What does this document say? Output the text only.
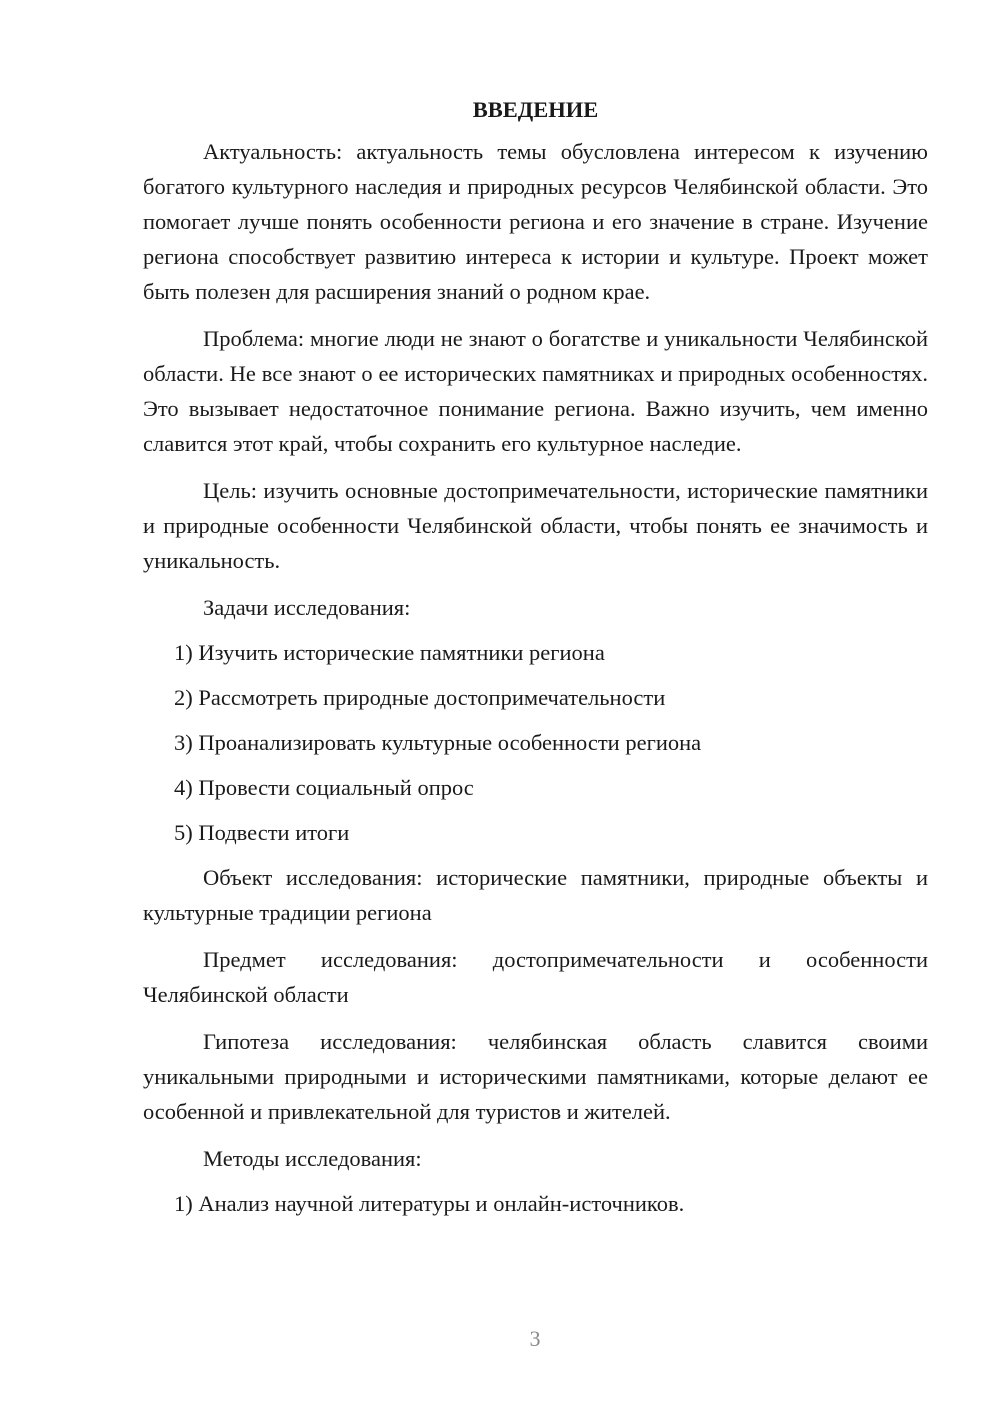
ВВЕДЕНИЕ

Актуальность: актуальность темы обусловлена интересом к изучению богатого культурного наследия и природных ресурсов Челябинской области. Это помогает лучше понять особенности региона и его значение в стране. Изучение региона способствует развитию интереса к истории и культуре. Проект может быть полезен для расширения знаний о родном крае.

Проблема: многие люди не знают о богатстве и уникальности Челябинской области. Не все знают о ее исторических памятниках и природных особенностях. Это вызывает недостаточное понимание региона. Важно изучить, чем именно славится этот край, чтобы сохранить его культурное наследие.

Цель: изучить основные достопримечательности, исторические памятники и природные особенности Челябинской области, чтобы понять ее значимость и уникальность.

Задачи исследования:

1) Изучить исторические памятники региона
2) Рассмотреть природные достопримечательности
3) Проанализировать культурные особенности региона
4) Провести социальный опрос
5) Подвести итоги

Объект исследования: исторические памятники, природные объекты и культурные традиции региона

Предмет исследования: достопримечательности и особенности Челябинской области

Гипотеза исследования: челябинская область славится своими уникальными природными и историческими памятниками, которые делают ее особенной и привлекательной для туристов и жителей.

Методы исследования:

1) Анализ научной литературы и онлайн-источников.
3
